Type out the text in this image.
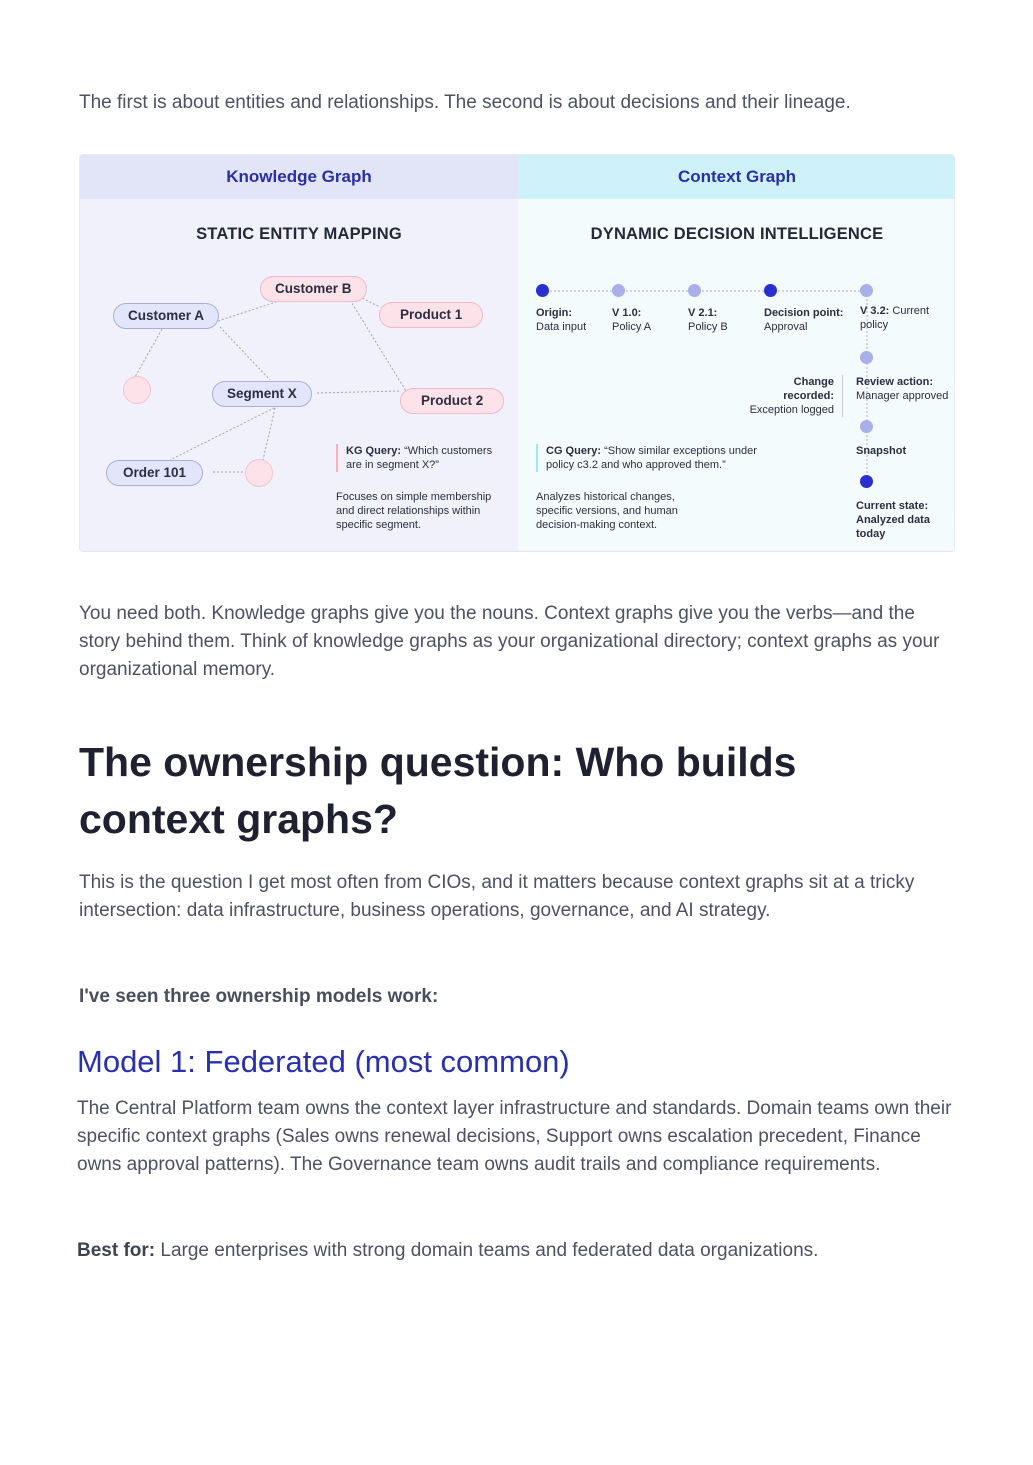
The first is about entities and relationships. The second is about decisions and their lineage.

Knowledge Graph
STATIC ENTITY MAPPING
Customer A
Customer B
Product 1
Segment X	Product 2
Order 101
KG Query: “Which customers are in segment X?”
Focuses on simple membership and direct relationships within specific segment.
Context Graph
DYNAMIC DECISION INTELLIGENCE
Origin:
Data input
V 1.0:
Policy A
V 2.1:
Policy B
Decision point:
Approval
V 3.2: Current policy
Change recorded:
Exception logged
Review action:
Manager approved
Snapshot
Current state: Analyzed data today
CG Query: “Show similar exceptions under policy c3.2 and who approved them.”
Analyzes historical changes, specific versions, and human decision-making context.

You need both. Knowledge graphs give you the nouns. Context graphs give you the verbs—and the story behind them. Think of knowledge graphs as your organizational directory; context graphs as your organizational memory.

The ownership question: Who builds context graphs?

This is the question I get most often from CIOs, and it matters because context graphs sit at a tricky intersection: data infrastructure, business operations, governance, and AI strategy.

I've seen three ownership models work:

Model 1: Federated (most common)

The Central Platform team owns the context layer infrastructure and standards. Domain teams own their specific context graphs (Sales owns renewal decisions, Support owns escalation precedent, Finance owns approval patterns). The Governance team owns audit trails and compliance requirements.

Best for: Large enterprises with strong domain teams and federated data organizations.
